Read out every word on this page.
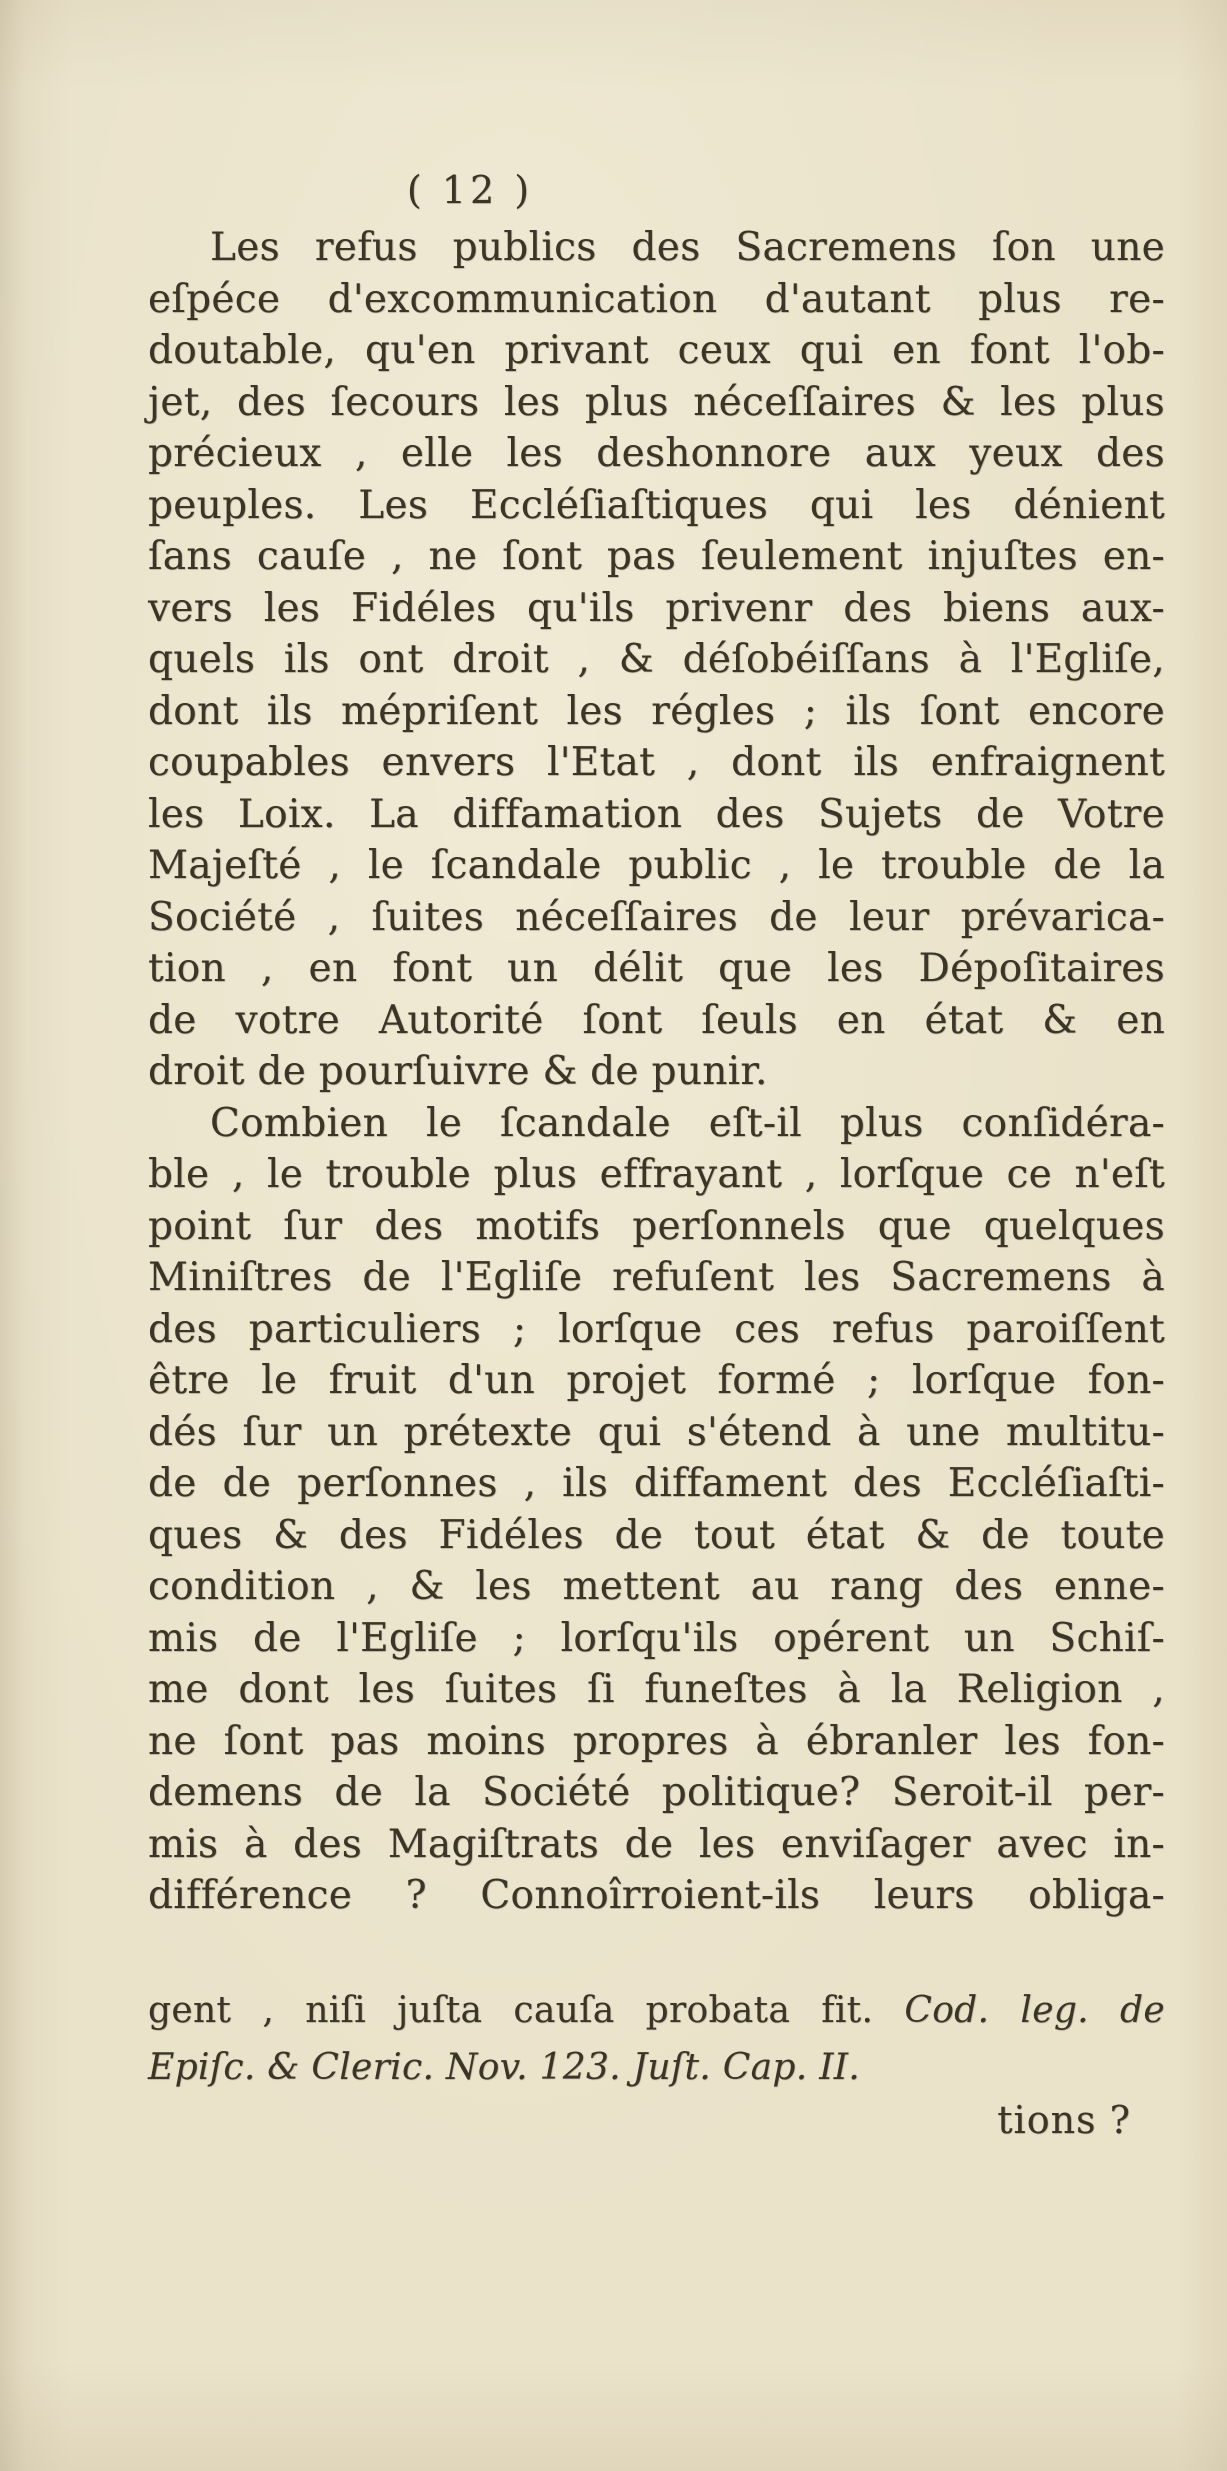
( 12 )
Les refus publics des Sacremens ſon une
eſpéce d'excommunication d'autant plus re-
doutable, qu'en privant ceux qui en font l'ob-
jet, des ſecours les plus néceſſaires & les plus
précieux , elle les deshonnore aux yeux des
peuples. Les Eccléſiaſtiques qui les dénient
ſans cauſe , ne ſont pas ſeulement injuſtes en-
vers les Fidéles qu'ils privenr des biens aux-
quels ils ont droit , & déſobéiſſans à l'Egliſe,
dont ils mépriſent les régles ; ils ſont encore
coupables envers l'Etat , dont ils enfraignent
les Loix. La diffamation des Sujets de Votre
Majeſté , le ſcandale public , le trouble de la
Société , ſuites néceſſaires de leur prévarica-
tion , en font un délit que les Dépoſitaires
de votre Autorité ſont ſeuls en état & en
droit de pourſuivre & de punir.
Combien le ſcandale eſt-il plus conſidéra-
ble , le trouble plus effrayant , lorſque ce n'eſt
point ſur des motifs perſonnels que quelques
Miniſtres de l'Egliſe refuſent les Sacremens à
des particuliers ; lorſque ces refus paroiſſent
être le fruit d'un projet formé ; lorſque fon-
dés ſur un prétexte qui s'étend à une multitu-
de de perſonnes , ils diffament des Eccléſiaſti-
ques & des Fidéles de tout état & de toute
condition , & les mettent au rang des enne-
mis de l'Egliſe ; lorſqu'ils opérent un Schiſ-
me dont les ſuites ſi funeſtes à la Religion ,
ne ſont pas moins propres à ébranler les fon-
demens de la Société politique? Seroit-il per-
mis à des Magiſtrats de les enviſager avec in-
différence ? Connoîrroient-ils leurs obliga-
gent , niſi juſta cauſa probata fit. Cod. leg. de
Epiſc. & Cleric. Nov. 123. Juſt. Cap. II.
tions ?
